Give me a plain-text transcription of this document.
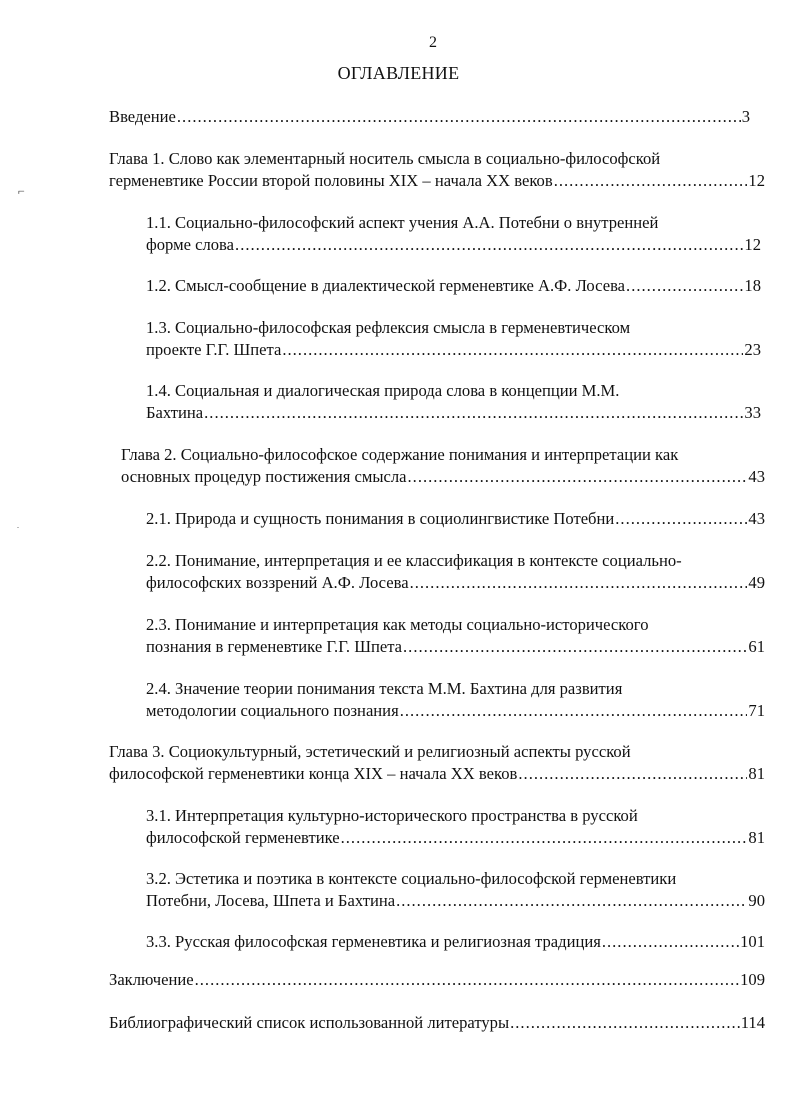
2
ОГЛАВЛЕНИЕ
⌐
Введение .....	3
Глава 1. Слово как элементарный носитель смысла в социально-философской
герменевтике России второй половины XIX – начала XX веков .....	12
1.1. Социально-философский аспект учения А.А. Потебни о внутренней
форме слова .....	12
1.2. Смысл-сообщение в диалектической герменевтике А.Ф. Лосева .....	18
1.3. Социально-философская рефлексия смысла в герменевтическом
проекте Г.Г. Шпета .....	23
1.4. Социальная и диалогическая природа слова в концепции М.М.
Бахтина .....	33
Глава 2. Социально-философское содержание понимания и интерпретации как
основных процедур постижения смысла .....	43
2.1. Природа и сущность понимания в социолингвистике Потебни .....	43
2.2. Понимание, интерпретация и ее классификация в контексте социально-
философских воззрений А.Ф. Лосева .....	49
2.3. Понимание и интерпретация как методы социально-исторического
познания в герменевтике Г.Г. Шпета .....	61
2.4. Значение теории понимания текста М.М. Бахтина для развития
методологии социального познания .....	71
Глава 3. Социокультурный, эстетический и религиозный аспекты русской
философской герменевтики конца XIX – начала XX веков .....	81
3.1. Интерпретация культурно-исторического пространства в русской
философской герменевтике .....	81
3.2. Эстетика и поэтика в контексте социально-философской герменевтики
Потебни, Лосева, Шпета и Бахтина .....	90
3.3. Русская философская герменевтика и религиозная традиция .....	101
Заключение .....	109
Библиографический список использованной литературы .....	114
